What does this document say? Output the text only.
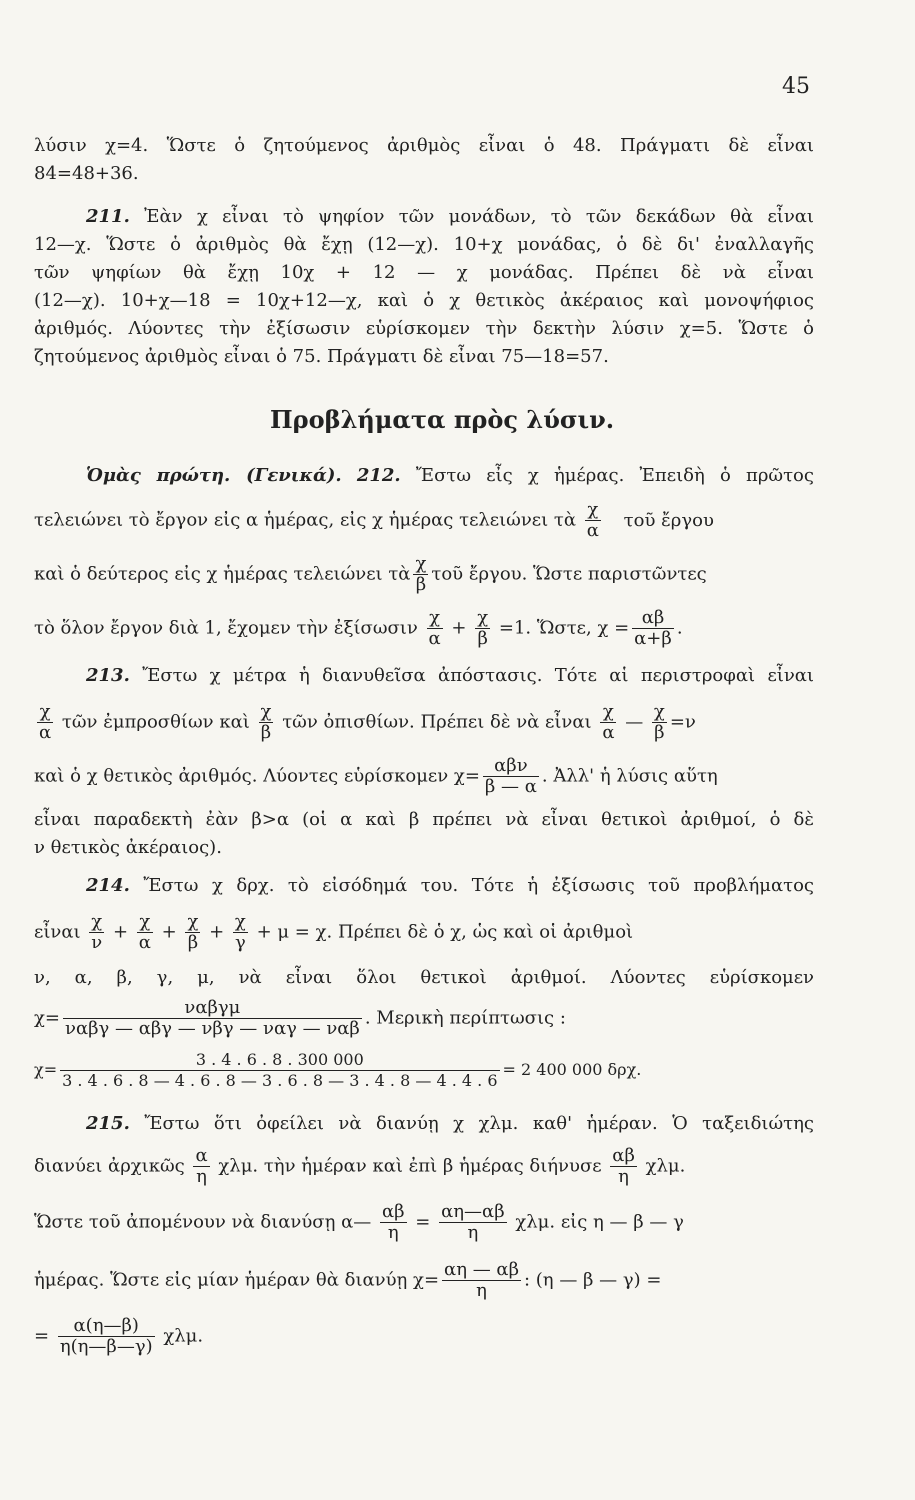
45
λύσιν χ=4. Ὥστε ὁ ζητούμενος ἀριθμὸς εἶναι ὁ 48. Πράγματι δὲ εἶναι
84=48+36.
211. Ἐὰν χ εἶναι τὸ ψηφίον τῶν μονάδων, τὸ τῶν δεκάδων θὰ εἶναι
12—χ. Ὥστε ὁ ἀριθμὸς θὰ ἔχῃ (12—χ). 10+χ μονάδας, ὁ δὲ δι' ἐναλλαγῆς
τῶν ψηφίων θὰ ἔχῃ 10χ + 12 — χ μονάδας. Πρέπει δὲ νὰ εἶναι
(12—χ). 10+χ—18 = 10χ+12—χ, καὶ ὁ χ θετικὸς ἀκέραιος καὶ μονοψήφιος
ἀριθμός. Λύοντες τὴν ἐξίσωσιν εὑρίσκομεν τὴν δεκτὴν λύσιν χ=5. Ὥστε ὁ
ζητούμενος ἀριθμὸς εἶναι ὁ 75. Πράγματι δὲ εἶναι 75—18=57.
Προβλήματα πρὸς λύσιν.
Ὁμὰς πρώτη. (Γενικά). 212. Ἔστω εἶς χ ἡμέρας. Ἐπειδὴ ὁ πρῶτος
τελειώνει τὸ ἔργον εἰς α ἡμέρας, εἰς χ ἡμέρας τελειώνει τὰ $\frac{\chi}{\alpha}$ τοῦ ἔργου
καὶ ὁ δεύτερος εἰς χ ἡμέρας τελειώνει τὰ $\frac{\chi}{\beta}$ τοῦ ἔργου. Ὥστε παριστῶντες
τὸ ὅλον ἔργον διὰ 1, ἔχομεν τὴν ἐξίσωσιν $\frac{\chi}{\alpha} + \frac{\chi}{\beta} =1$. Ὥστε, $\chi = \frac{\alpha\beta}{\alpha+\beta}$ .
213. Ἔστω χ μέτρα ἡ διανυθεῖσα ἀπόστασις. Τότε αἱ περιστροφαὶ εἶναι
$\frac{\chi}{\alpha}$ τῶν ἐμπροσθίων καὶ $\frac{\chi}{\beta}$ τῶν ὀπισθίων. Πρέπει δὲ νὰ εἶναι $\frac{\chi}{\alpha}$ — $\frac{\chi}{\beta} =\nu$
καὶ ὁ χ θετικὸς ἀριθμός. Λύοντες εὑρίσκομεν $\chi= \frac{\text{αβν}}{\beta — \alpha}$ . Ἀλλ' ἡ λύσις αὕτη
εἶναι παραδεκτὴ ἐὰν β>α (οἱ α καὶ β πρέπει νὰ εἶναι θετικοὶ ἀριθμοί, ὁ δὲ
ν θετικὸς ἀκέραιος).
214. Ἔστω χ δρχ. τὸ εἰσόδημά του. Τότε ἡ ἐξίσωσις τοῦ προβλήματος
εἶναι $\frac{\chi}{\nu} + \frac{\chi}{\alpha} + \frac{\chi}{\beta} + \frac{\chi}{\gamma} + \mu = \chi$. Πρέπει δὲ ὁ χ, ὡς καὶ οἱ ἀριθμοὶ
ν, α, β, γ, μ, νὰ εἶναι ὅλοι θετικοὶ ἀριθμοί. Λύοντες εὑρίσκομεν
$\chi= \frac{\text{ναβγμ}}{\text{ναβγ — αβγ — νβγ — ναγ — ναβ}}$ . Μερικὴ περίπτωσις :
χ=
3 . 4 . 6 . 8 . 300 000
3 . 4 . 6 . 8 — 4 . 6 . 8 — 3 . 6 . 8 — 3 . 4 . 8 — 4 . 4 . 6
= 2 400 000 δρχ.
215. Ἔστω ὅτι ὀφείλει νὰ διανύῃ χ χλμ. καθ' ἡμέραν. Ὁ ταξειδιώτης
διανύει ἀρχικῶς $\frac{\alpha}{\eta} \chi\lambda\mu$. τὴν ἡμέραν καὶ ἐπὶ β ἡμέρας διήνυσε $\frac{\alpha\beta}{\eta} \chi\lambda\mu$.
Ὥστε τοῦ ἀπομένουν νὰ διανύσῃ α— $\frac{\alpha\beta}{\eta} = \frac{\alpha\eta—\alpha\beta}{\eta} \chi\lambda\mu$. εἰς η — β — γ
ἡμέρας. Ὥστε εἰς μίαν ἡμέραν θὰ διανύῃ $\chi= \frac{\alpha\eta — \alpha\beta}{\eta}$ : (η — β — γ) =
= $\frac{\alpha(\eta—\beta)}{\eta(\eta—\beta—\gamma)} \chi\lambda\mu$.
